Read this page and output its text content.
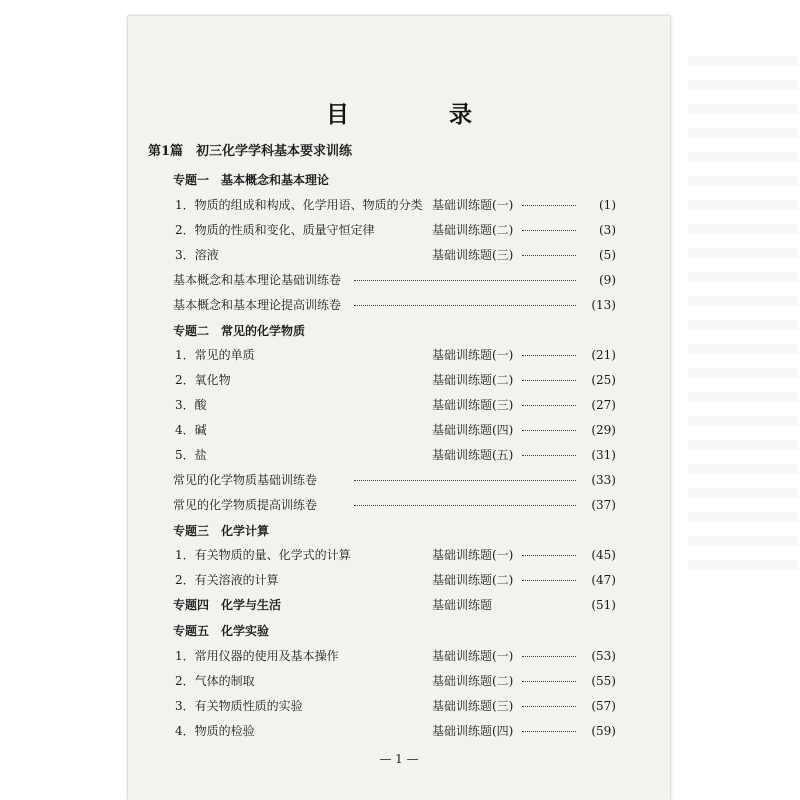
目 录
第1篇　初三化学学科基本要求训练
专题一　基本概念和基本理论
1．物质的组成和构成、化学用语、物质的分类 基础训练题(一)	(1)
2．物质的性质和变化、质量守恒定律	基础训练题(二)	(3)
3．溶液	基础训练题(三)	(5)
基本概念和基本理论基础训练卷	(9)
基本概念和基本理论提高训练卷	(13)
专题二　常见的化学物质
1．常见的单质	基础训练题(一)	(21)
2．氧化物	基础训练题(二)	(25)
3．酸	基础训练题(三)	(27)
4．碱	基础训练题(四)	(29)
5．盐	基础训练题(五)	(31)
常见的化学物质基础训练卷	(33)
常见的化学物质提高训练卷	(37)
专题三　化学计算
1．有关物质的量、化学式的计算	基础训练题(一)	(45)
2．有关溶液的计算	基础训练题(二)	(47)
专题四　化学与生活	基础训练题	(51)
专题五　化学实验
1．常用仪器的使用及基本操作	基础训练题(一)	(53)
2．气体的制取	基础训练题(二)	(55)
3．有关物质性质的实验	基础训练题(三)	(57)
4．物质的检验	基础训练题(四)	(59)
— 1 —
